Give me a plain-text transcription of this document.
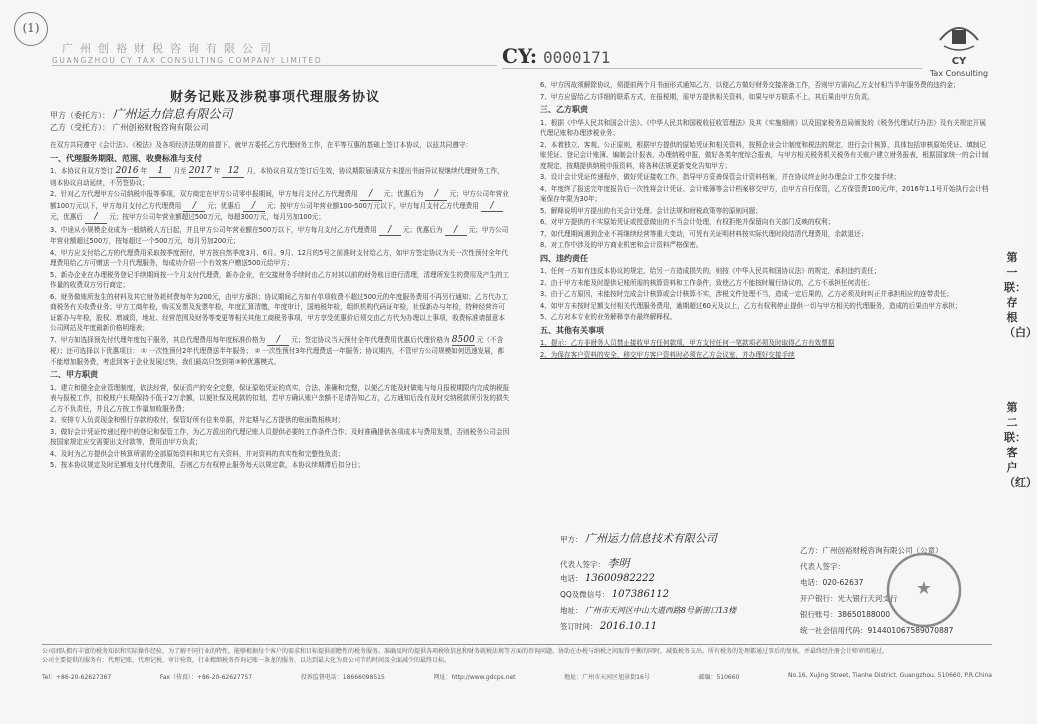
(1)
广州创裕财税咨询有限公司
GUANGZHOU CY TAX CONSULTING COMPANY LIMITED	CY: 0000171	CY
Tax Consulting
第一联：存根（白）
第二联：客户（红）
财务记账及涉税事项代理服务协议
甲方（委托方）： 广州运力信息有限公司
乙方（受托方）： 广州创裕财税咨询有限公司

在双方共同遵守《会计法》、《税法》及各项经济法规的前提下，就甲方委托乙方代理财务工作，在平等互惠的基础上签订本协议，以兹共同遵守：

一、代理服务期限、范围、收费标准与支付

1、本协议自双方签订 2016 年 1 月至 2017 年 12 月，本协议自双方签订后生效，协议期限届满双方未提出书面异议视继续代理财务工作，则本协议自动延续，不另签协议；

2、针对乙方代理甲方公司纳税申报等事项，双方商定在甲方公司零申报期间，甲方每月支付乙方代理费用 / 元；优惠后为 / 元；甲方公司年营业额100万元以下，甲方每月支付乙方代理费用 / 元；优惠后 / 元；按甲方公司年营业额100-500万元以下，甲方每月支付乙方代理费用 / 元，优惠后 / 元；按甲方公司年营业额超过500万元，每超300万元，每月另加100元；

3、中途从小规模企业成为一般纳税人方日起，并且甲方公司年营业额在500万以下，甲方每月支付乙方代理费用 / 元；优惠后为 / 元；甲方公司年营业额超过500万，按每超过一个500万元，每月另加200元；

4、甲方应支付给乙方的代理费用采取按季度预付，甲方按自然季度3月、6月、9月、12月的5号之前准时支付给乙方，如甲方签定协议为关一次性预付全年代理费用给乙方可赠送一个月代理服务，每成功介绍一个有效客户赠送500元给甲方；

5、新办企业在办理税务登记手续期间按一个月支付代理费，新办企业，在交接财务手续时由乙方对其以前的财务账目进行清理，清理所发生的费用及产生的工作量的收费双方另行商定；

6、财务做账所发生的材料及其它财务耗材费每年为200元，由甲方承担；协议期间乙方如有单项收费不超过500元的年度服务费用不再另行通知；乙方代办工商税务有关收费业务；甲方工商年检，购买发票及发票年检，年度汇算清缴，年度审计，国地税年检，组织机构代码证年检，社保新办与年检，特种经营许可证新办与年检，股权、增减资，地址、经营范围及财务等变更等相关其他工商税务事项，甲方享受优惠价后须交由乙方代为办理以上事项，收费标准请留意本公司网站及年度最新价格明细表；

7、甲方如选择预先付代理年度包干服务，其总代理费用每年度标准价格为 / 元；签定协议当天预付全年代理费用优惠后代理价格为 8500 元（不含税）；还可选择以下优惠项目： ① 一次性预付2年代理费送半年服务； ② 一次性预付3年代理费送一年服务；协议期内，不管甲方公司规模如何迅速发展，都不能增加服务费，考虑到客于企业发展过快，我们最高只签到第③种优惠模式。

二、甲方职责

1、建立和健全企业管理制度，依法经营，保证资产的安全完整，保证原始凭证的真实、合法、准确和完整，以便乙方能及时做账与每月报税期限内完成纳税报表与报税工作，扣税账户长期保持不低于2万余额，以便社保及税款的扣划，若甲方确认账户余额不足请告知乙方，乙方通知后没有及时交纳税款所引发的损失乙方不负责任，并且乙方按工作量加收服务费；

2、安排专人负责现金和银行存款的收付，保管好所有往来单据，并定期与乙方提供的账面数相核对；

3、做好会计凭证传递过程中的登记和保管工作，为乙方派出的代理记账人员提供必要的工作条件合作；及时准确提供各项成本与费用发票，否则税务公司会因按国家规定应交需要出支付款等，费用由甲方负责；

4、及时为乙方提供会计核算所需的全部原始资料和其它有关资料，并对资料的真实性和完整性负责；

5、按本协议规定及时足额地支付代理费用，否则乙方有权停止服务每天以规定款，本协议续期滞后扣分日；

6、甲方因故须解除协议，须提前两个月书面形式通知乙方，以便乙方做好财务交接准备工作，否则甲方需向乙方支付相当半年服务费的违约金；

7、甲方应留给乙方详细的联系方式，在报税期，需甲方提供相关资料，如果与甲方联系不上，其后果由甲方负责。

三、乙方职责

1、根据《中华人民共和国会计法》、《中华人民共和国税收征收管理法》及其《实施细则》以及国家税务总局颁发的《税务代理试行办法》及有关规定开展代理记账和办理涉税业务；

2、本着独立、客观、公正原则，根据甲方提供的原始凭证和相关资料，按照企业会计制度和税法的规定，进行会计核算，具体包括审核原始凭证、填制记账凭证、登记会计账簿、编制会计报表、办理纳税申报，做好各类年度综合报表，与甲方相关税务机关税务有关账户建立财务报表，根据国家统一的会计制度规定，按期提供纳税申报资料，将各种法规更新变化告知甲方；

3、设计会计凭证传递程序，做好凭证接收工作，指导甲方妥善保管会计资料档案，并在协议终止时办理会计工作交接手续；

4、年度终了报送完年度报告后一次性将会计凭证、会计账簿等会计档案移交甲方，由甲方自行保管，乙方保管费100元/年，2016年1.1号开始执行会计档案保存年限为30年；

5、解释说明甲方提出的有关会计处理、会计法规和财税政策等的原则问题；

6、对甲方提供的不实原始凭证或授意做出的不当会计处理，有权拒绝并保留向有关部门反映的权利；

7、如代理期间遇到企业不再继续经营等重大变动，可凭有关证明材料按实际代理时段结清代理费用，余款退还；

8、对工作中涉及的甲方商业机密和会计资料严格保密。

四、违约责任

1、任何一方如有违反本协议的规定，给另一方造成损失的，则按《中华人民共和国协议法》的规定，承担违约责任；

2、由于甲方未能及时提供记账所需的核算资料和工作条件，致使乙方不能按时履行协议的，乙方不承担任何责任；

3、由于乙方原因，未能按时完成会计核算或会计核算不实，涉税文件处理不当，造成一定后果的，乙方必须及时纠正并承担相应的连带责任；

4、如甲方未按时足额支付相关代理服务费用，逾期超过60天及以上，乙方有权利停止提供一切与甲方相关的代理服务，造成的后果由甲方承担；

5、乙方对本专业的业务解释享有最终解释权。

五、其他有关事项

1、提示：乙方非财务人员禁止接收甲方任何款项，甲方支付任何一笔款项必须及时取得乙方有效票据

2、为保存客户资料的安全，移交甲方客户资料时必须在乙方会议室，并办理好交接手续

甲方： 广州运力信息技术有限公司
代表人签字： 李明
电话： 13600982222
QQ及微信号： 107386112
地址： 广州市天河区中山大道西路8号新街口13楼
签订时间： 2016.10.11
乙方：广州创裕财税咨询有限公司（公章）
代表人签字：
电话：020-62637
开户银行：光大银行天河支行
银行账号：38650188000
统一社会信用代码：914401067589070887
★
公司团队拥有丰富的税务知识和实际操作经验，为了解不同行业的特性，能够根据每个客户的需求和目标提供前瞻性的税务服务。准确及时的提供各项税收信息和财务就税法规等方面的咨询问题。协助在办税与纳税之间取得平衡的同时，减低税务支出。所有税务的处理都通过事后的复核，并最终经注册会计师审阅通过。
公司主要提供的服务有：代理记账、代理记税、审计验资，行业精细税务咨询记账一条龙的服务，以达到最大化为贵公司节约时间及全面减少的最终目标。
Tel：+86-20-62627367	Fax（传真）：+86-20-62627757	投诉监督电话：18666098515	网址：http://www.gdcps.net	地址：广州市天河区旭景街16号	邮编：510660	No.16, Xujing Street, Tianhe District, Guangzhou, 510660, P.R.China
